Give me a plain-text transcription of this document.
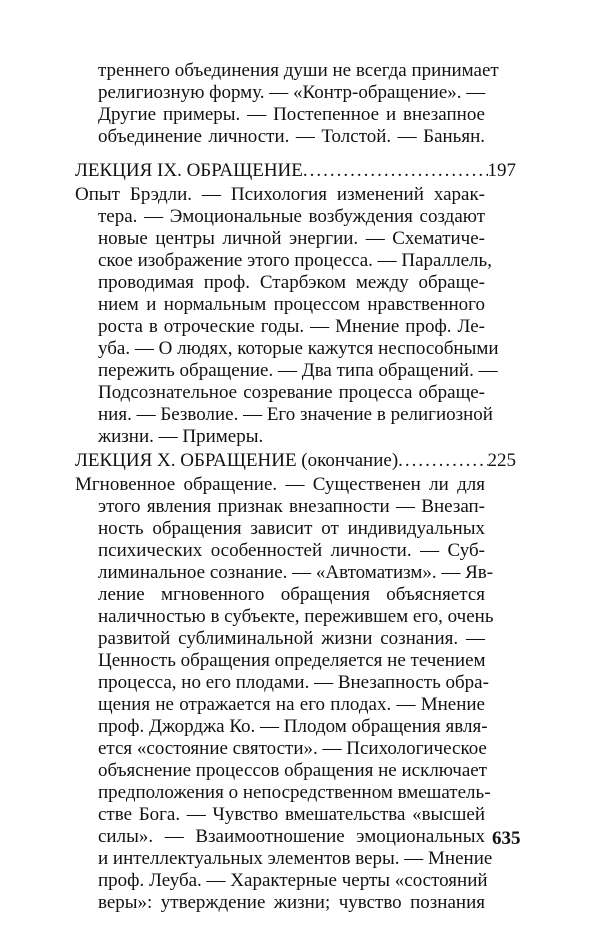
треннего объединения души не всегда принимает
религиозную форму. — «Контр-обращение». —
Другие примеры. — Постепенное и внезапное
объединение личности. — Толстой. — Баньян.
ЛЕКЦИЯ IX. ОБРАЩЕНИЕ .....	197
Опыт Брэдли. — Психология изменений харак-
тера. — Эмоциональные возбуждения создают
новые центры личной энергии. — Схематиче-
ское изображение этого процесса. — Параллель,
проводимая проф. Старбэком между обраще-
нием и нормальным процессом нравственного
роста в отроческие годы. — Мнение проф. Ле-
уба. — О людях, которые кажутся неспособными
пережить обращение. — Два типа обращений. —
Подсознательное созревание процесса обраще-
ния. — Безволие. — Его значение в религиозной
жизни. — Примеры.
ЛЕКЦИЯ X. ОБРАЩЕНИЕ (окончание) .....	225
Мгновенное обращение. — Существенен ли для
этого явления признак внезапности — Внезап-
ность обращения зависит от индивидуальных
психических особенностей личности. — Суб-
лиминальное сознание. — «Автоматизм». — Яв-
ление мгновенного обращения объясняется
наличностью в субъекте, пережившем его, очень
развитой сублиминальной жизни сознания. —
Ценность обращения определяется не течением
процесса, но его плодами. — Внезапность обра-
щения не отражается на его плодах. — Мнение
проф. Джорджа Ко. — Плодом обращения явля-
ется «состояние святости». — Психологическое
объяснение процессов обращения не исключает
предположения о непосредственном вмешатель-
стве Бога. — Чувство вмешательства «высшей
силы». — Взаимоотношение эмоциональных
и интеллектуальных элементов веры. — Мнение
проф. Леуба. — Характерные черты «состояний
веры»: утверждение жизни; чувство познания
635
